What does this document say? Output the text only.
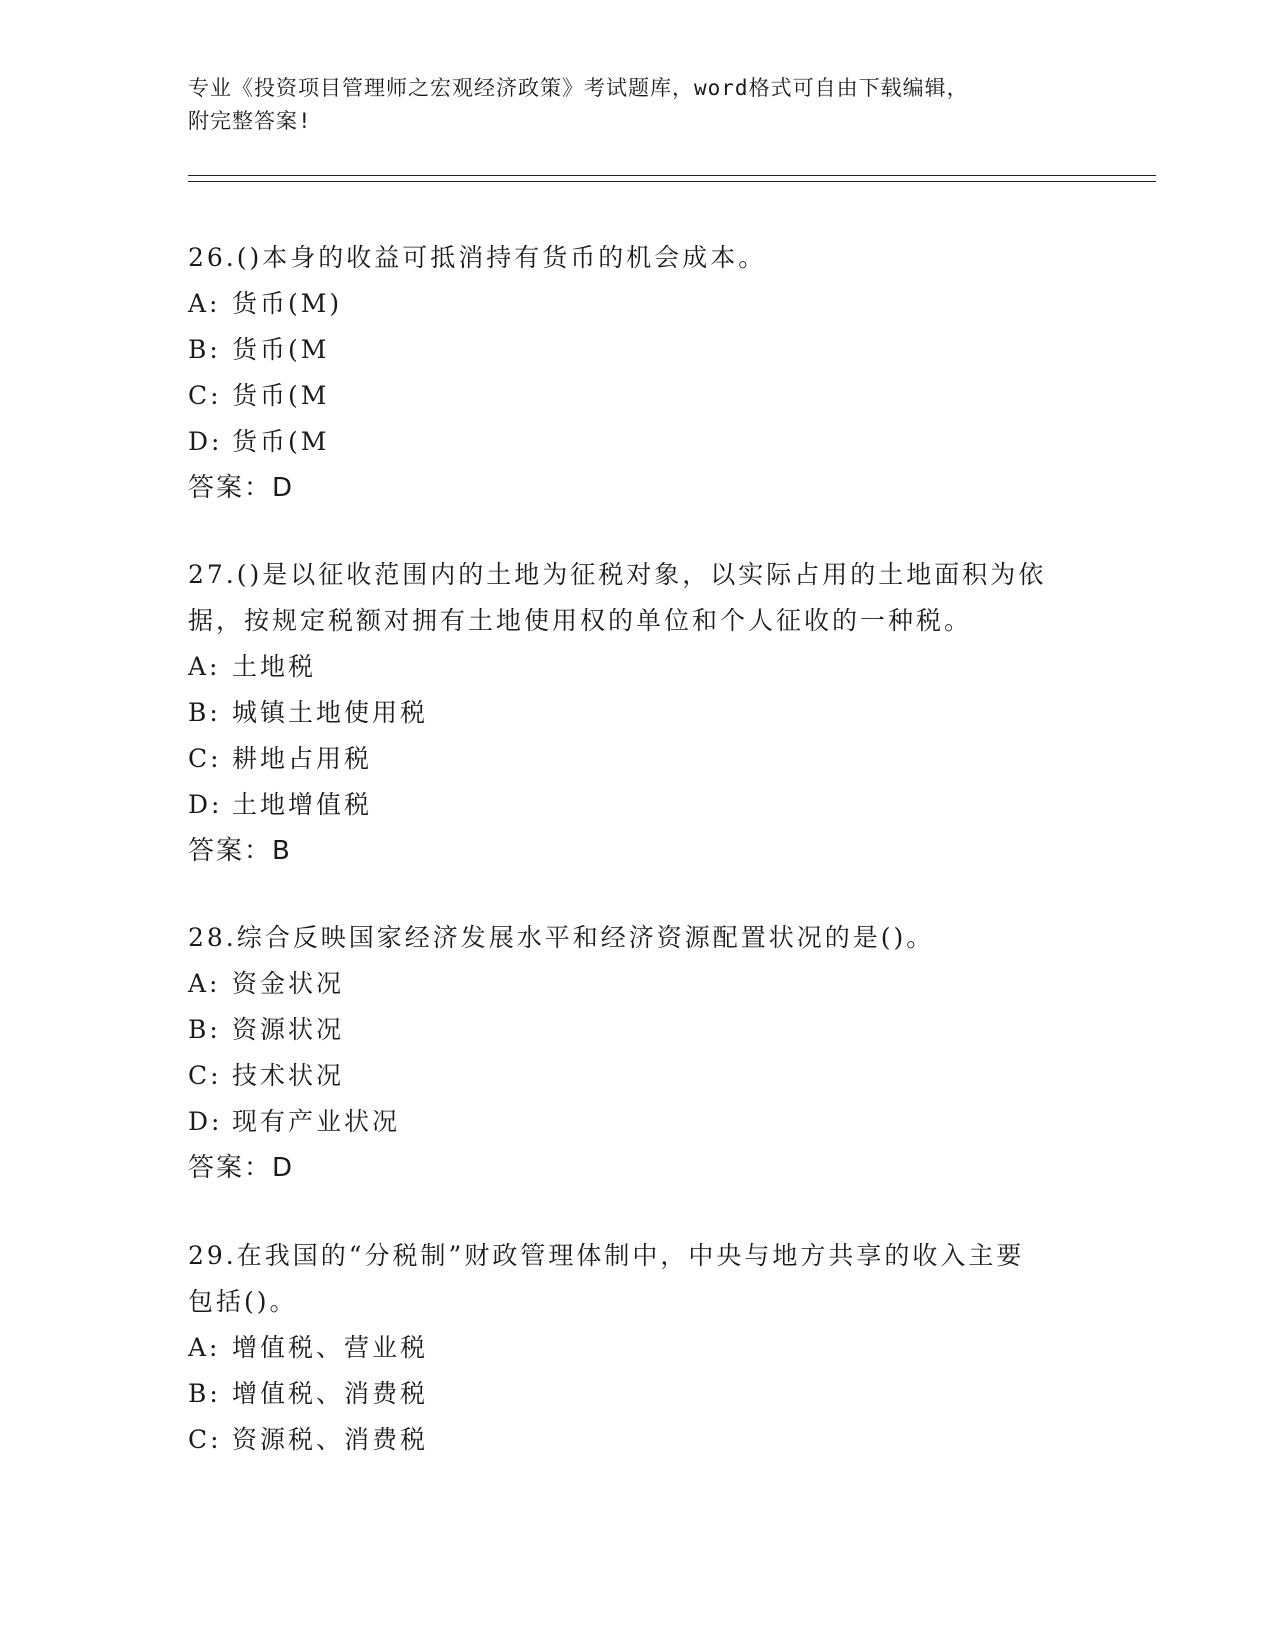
专业《投资项目管理师之宏观经济政策》考试题库，word格式可自由下载编辑，
附完整答案!

26.()本身的收益可抵消持有货币的机会成本。

A: 货币(M)

B: 货币(M

C: 货币(M

D: 货币(M

答案：D

27.()是以征收范围内的土地为征税对象，以实际占用的土地面积为依

据，按规定税额对拥有土地使用权的单位和个人征收的一种税。

A: 土地税

B: 城镇土地使用税

C: 耕地占用税

D: 土地增值税

答案：B

28.综合反映国家经济发展水平和经济资源配置状况的是()。

A: 资金状况

B: 资源状况

C: 技术状况

D: 现有产业状况

答案：D

29.在我国的“分税制”财政管理体制中，中央与地方共享的收入主要

包括()。

A: 增值税、营业税

B: 增值税、消费税

C: 资源税、消费税
